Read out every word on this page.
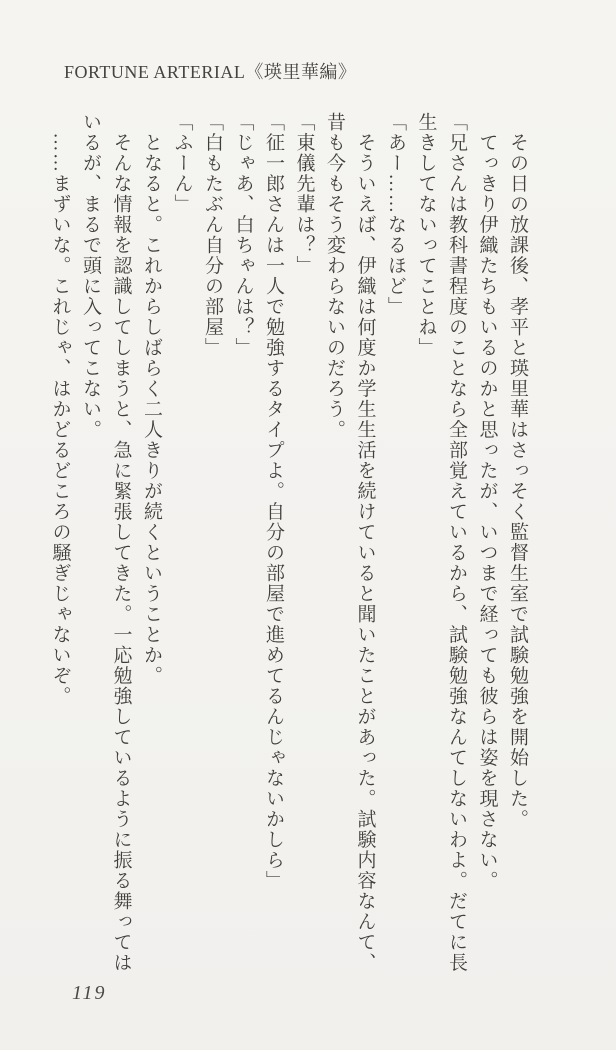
FORTUNE ARTERIAL《瑛里華編》
　その日の放課後、孝平と瑛里華はさっそく監督生室で試験勉強を開始した。
　てっきり伊織たちもいるのかと思ったが、いつまで経っても彼らは姿を現さない。
「兄さんは教科書程度のことなら全部覚えているから、試験勉強なんてしないわよ。だてに長
生きしてないってことね」
「あー……なるほど」
　そういえば、伊織は何度か学生生活を続けていると聞いたことがあった。試験内容なんて、
昔も今もそう変わらないのだろう。
「東儀先輩は？」
「征一郎さんは一人で勉強するタイプよ。自分の部屋で進めてるんじゃないかしら」
「じゃあ、白ちゃんは？」
「白もたぶん自分の部屋」
「ふーん」
　となると。これからしばらく二人きりが続くということか。
　そんな情報を認識してしまうと、急に緊張してきた。一応勉強しているように振る舞っては
いるが、まるで頭に入ってこない。
　……まずいな。これじゃ、はかどるどころの騒ぎじゃないぞ。
119
